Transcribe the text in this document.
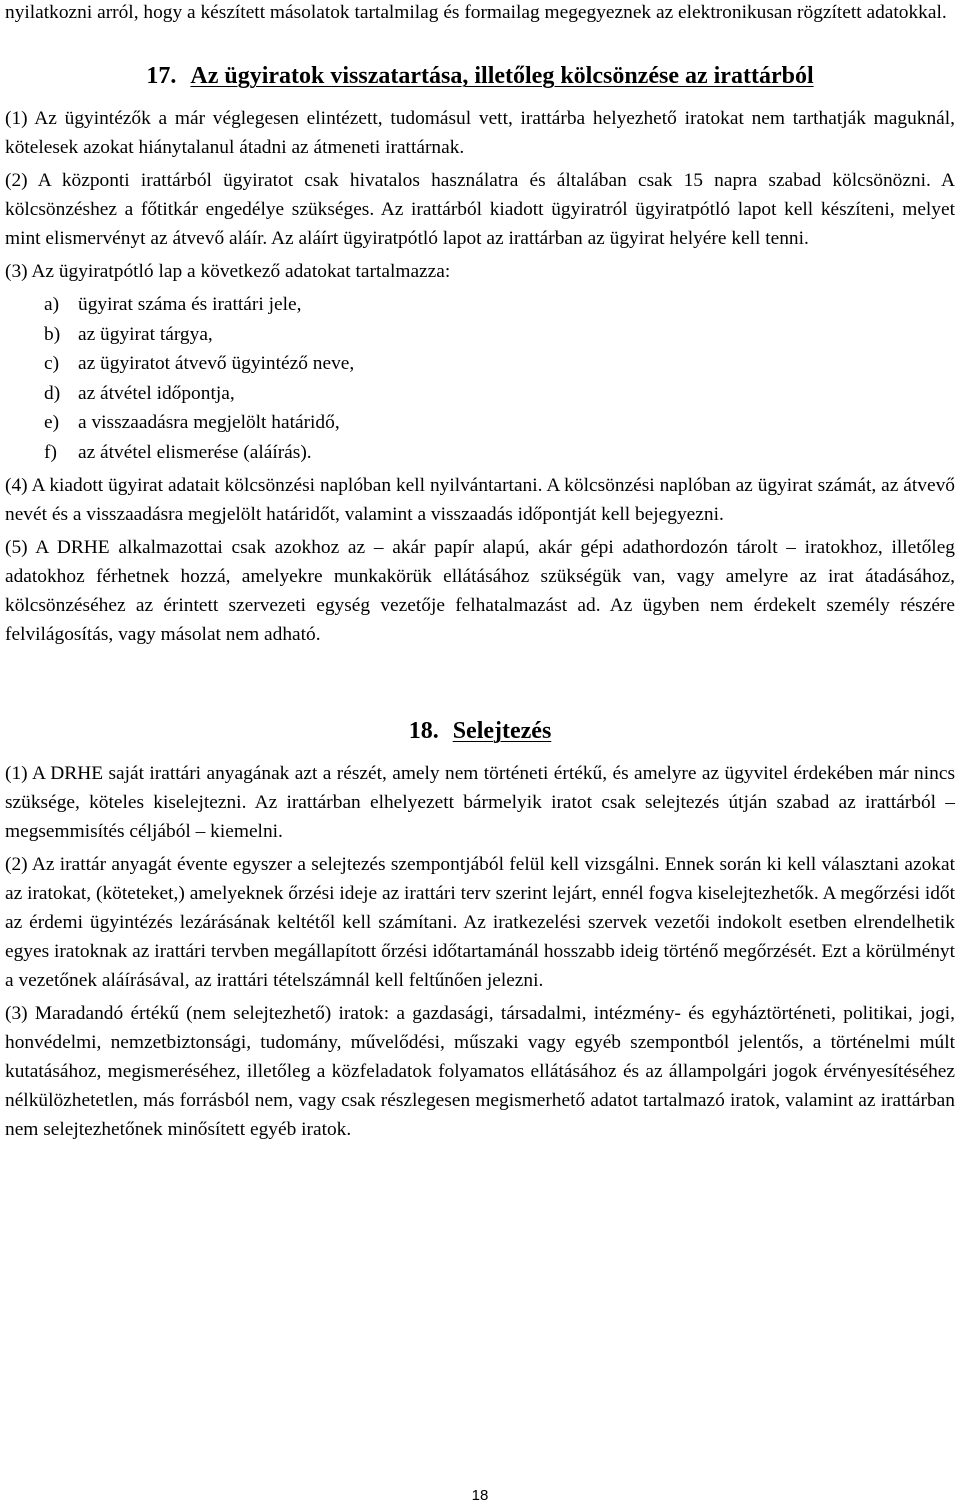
nyilatkozni arról, hogy a készített másolatok tartalmilag és formailag megegyeznek az elektronikusan rögzített adatokkal.

17. Az ügyiratok visszatartása, illetőleg kölcsönzése az irattárból

(1) Az ügyintézők a már véglegesen elintézett, tudomásul vett, irattárba helyezhető iratokat nem tarthatják maguknál, kötelesek azokat hiánytalanul átadni az átmeneti irattárnak.

(2) A központi irattárból ügyiratot csak hivatalos használatra és általában csak 15 napra szabad kölcsönözni. A kölcsönzéshez a főtitkár engedélye szükséges. Az irattárból kiadott ügyiratról ügyiratpótló lapot kell készíteni, melyet mint elismervényt az átvevő aláír. Az aláírt ügyiratpótló lapot az irattárban az ügyirat helyére kell tenni.

(3) Az ügyiratpótló lap a következő adatokat tartalmazza:

a) ügyirat száma és irattári jele,
b) az ügyirat tárgya,
c) az ügyiratot átvevő ügyintéző neve,
d) az átvétel időpontja,
e) a visszaadásra megjelölt határidő,
f)	az átvétel elismerése (aláírás).

(4) A kiadott ügyirat adatait kölcsönzési naplóban kell nyilvántartani. A kölcsönzési naplóban az ügyirat számát, az átvevő nevét és a visszaadásra megjelölt határidőt, valamint a visszaadás időpontját kell bejegyezni.

(5) A DRHE alkalmazottai csak azokhoz az – akár papír alapú, akár gépi adathordozón tárolt – iratokhoz, illetőleg adatokhoz férhetnek hozzá, amelyekre munkakörük ellátásához szükségük van, vagy amelyre az irat átadásához, kölcsönzéséhez az érintett szervezeti egység vezetője felhatalmazást ad. Az ügyben nem érdekelt személy részére felvilágosítás, vagy másolat nem adható.

18. Selejtezés

(1) A DRHE saját irattári anyagának azt a részét, amely nem történeti értékű, és amelyre az ügyvitel érdekében már nincs szüksége, köteles kiselejtezni. Az irattárban elhelyezett bármelyik iratot csak selejtezés útján szabad az irattárból – megsemmisítés céljából – kiemelni.

(2) Az irattár anyagát évente egyszer a selejtezés szempontjából felül kell vizsgálni. Ennek során ki kell választani azokat az iratokat, (köteteket,) amelyeknek őrzési ideje az irattári terv szerint lejárt, ennél fogva kiselejtezhetők. A megőrzési időt az érdemi ügyintézés lezárásának keltétől kell számítani. Az iratkezelési szervek vezetői indokolt esetben elrendelhetik egyes iratoknak az irattári tervben megállapított őrzési időtartamánál hosszabb ideig történő megőrzését. Ezt a körülményt a vezetőnek aláírásával, az irattári tételszámnál kell feltűnően jelezni.

(3) Maradandó értékű (nem selejtezhető) iratok: a gazdasági, társadalmi, intézmény- és egyháztörténeti, politikai, jogi, honvédelmi, nemzetbiztonsági, tudomány, művelődési, műszaki vagy egyéb szempontból jelentős, a történelmi múlt kutatásához, megismeréséhez, illetőleg a közfeladatok folyamatos ellátásához és az állampolgári jogok érvényesítéséhez nélkülözhetetlen, más forrásból nem, vagy csak részlegesen megismerhető adatot tartalmazó iratok, valamint az irattárban nem selejtezhetőnek minősített egyéb iratok.

18
